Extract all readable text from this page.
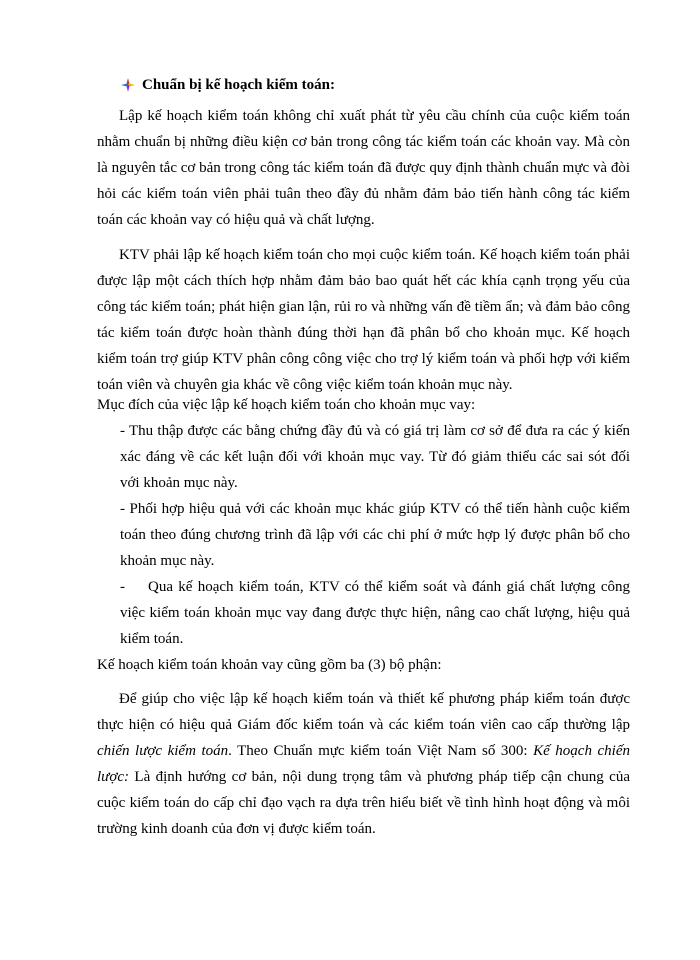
Chuẩn bị kế hoạch kiểm toán:

Lập kế hoạch kiểm toán không chỉ xuất phát từ yêu cầu chính của cuộc kiểm toán nhằm chuẩn bị những điều kiện cơ bản trong công tác kiểm toán các khoản vay. Mà còn là nguyên tắc cơ bản trong công tác kiểm toán đã được quy định thành chuẩn mực và đòi hỏi các kiểm toán viên phải tuân theo đầy đủ nhằm đảm bảo tiến hành công tác kiểm toán các khoản vay có hiệu quả và chất lượng.

KTV phải lập kế hoạch kiểm toán cho mọi cuộc kiểm toán. Kế hoạch kiểm toán phải được lập một cách thích hợp nhằm đảm bảo bao quát hết các khía cạnh trọng yếu của công tác kiểm toán; phát hiện gian lận, rủi ro và những vấn đề tiềm ẩn; và đảm bảo công tác kiểm toán được hoàn thành đúng thời hạn đã phân bổ cho khoản mục. Kế hoạch kiểm toán trợ giúp KTV phân công công việc cho trợ lý kiểm toán và phối hợp với kiểm toán viên và chuyên gia khác về công việc kiểm toán khoản mục này.

Mục đích của việc lập kế hoạch kiểm toán cho khoản mục vay:

- Thu thập được các bằng chứng đầy đủ và có giá trị làm cơ sở để đưa ra các ý kiến xác đáng về các kết luận đối với khoản mục vay. Từ đó giảm thiểu các sai sót đối với khoản mục này.

- Phối hợp hiệu quả với các khoản mục khác giúp KTV có thể tiến hành cuộc kiểm toán theo đúng chương trình đã lập với các chi phí ở mức hợp lý được phân bổ cho khoản mục này.

- Qua kế hoạch kiểm toán, KTV có thể kiểm soát và đánh giá chất lượng công việc kiểm toán khoản mục vay đang được thực hiện, nâng cao chất lượng, hiệu quả kiểm toán.

Kế hoạch kiểm toán khoản vay cũng gồm ba (3) bộ phận:

Để giúp cho việc lập kế hoạch kiểm toán và thiết kế phương pháp kiểm toán được thực hiện có hiệu quả Giám đốc kiểm toán và các kiểm toán viên cao cấp thường lập chiến lược kiểm toán. Theo Chuẩn mực kiểm toán Việt Nam số 300: Kế hoạch chiến lược: Là định hướng cơ bản, nội dung trọng tâm và phương pháp tiếp cận chung của cuộc kiểm toán do cấp chỉ đạo vạch ra dựa trên hiểu biết về tình hình hoạt động và môi trường kinh doanh của đơn vị được kiểm toán.
